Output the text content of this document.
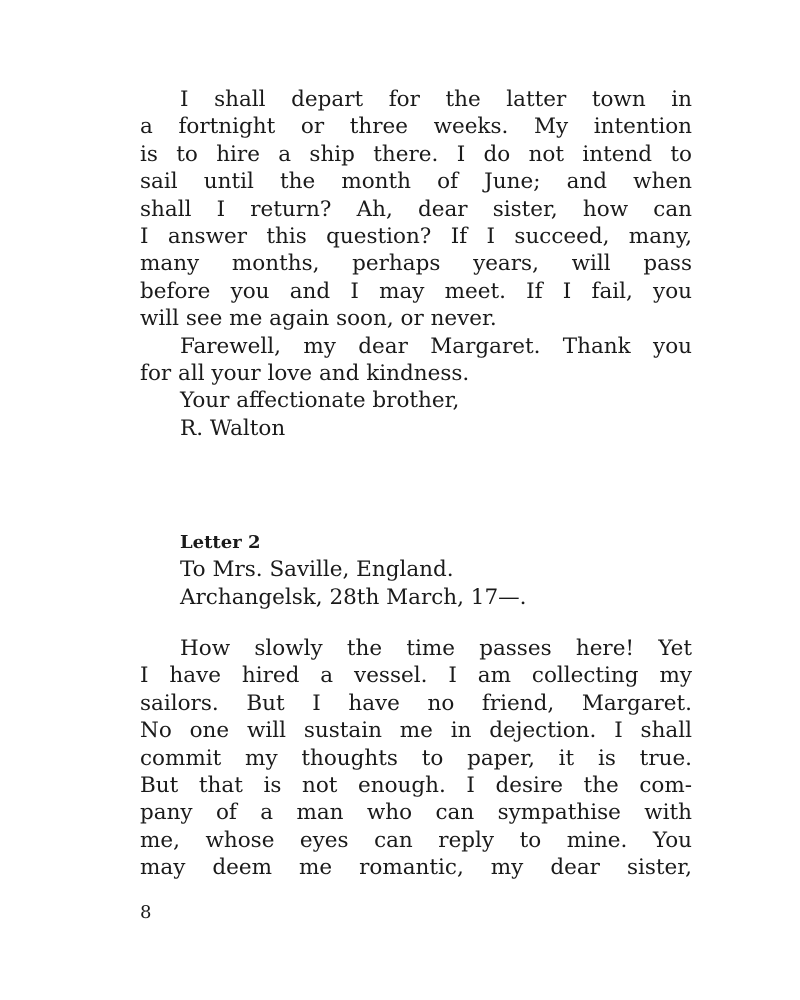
I shall depart for the latter town in
a fortnight or three weeks. My intention
is to hire a ship there. I do not intend to
sail until the month of June; and when
shall I return? Ah, dear sister, how can
I answer this question? If I succeed, many,
many months, perhaps years, will pass
before you and I may meet. If I fail, you
will see me again soon, or never.
Farewell, my dear Margaret. Thank you
for all your love and kindness.
Your affectionate brother,
R. Walton
Letter 2
To Mrs. Saville, England.
Archangelsk, 28th March, 17—.
How slowly the time passes here! Yet
I have hired a vessel. I am collecting my
sailors. But I have no friend, Margaret.
No one will sustain me in dejection. I shall
commit my thoughts to paper, it is true.
But that is not enough. I desire the com-
pany of a man who can sympathise with
me, whose eyes can reply to mine. You
may deem me romantic, my dear sister,
8
